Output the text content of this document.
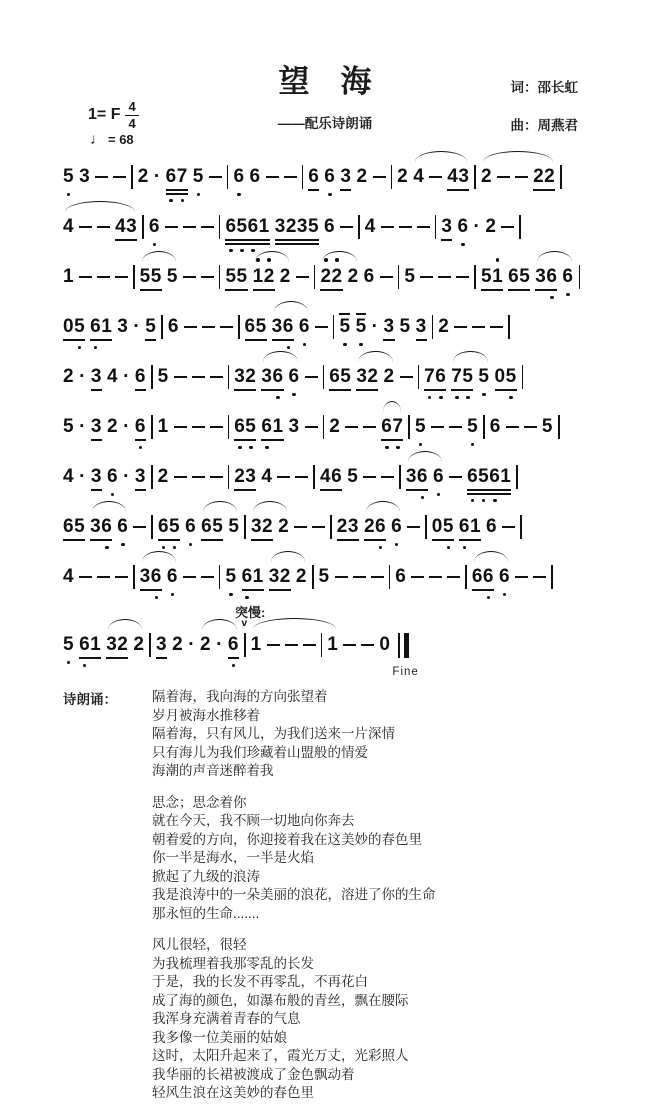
望　海	词：邵长虹
——配乐诗朗诵	曲：周燕君
1= F $\frac{4}{4}$
♩ = 68
5 3	2 · 67 5 6 6	6 6 3 2 2 4 43 2 22
4 43 6	6561 3235 6 4	3 6 · 2
1	55 5	55 12 2 22 2 6 5	51 65 36 6
05 61 3 · 5 6	65 36 6 5 5 · 3 5 3 2
2 · 3 4 · 6 5	32 36 6 65 32 2 76 75 5 05
5 · 3 2 · 6 1	65 61 3 2 67 5 5 6 5
4 · 3 6 · 3 2	23 4	46 5	36 6 6561
65 36 6 65 6 65 5 32 2	23 26 6 05 61 6
4	36 6	5 61 32 2 5	6	66 6
突慢:
5 61 32 2 3 2 · 2 · 6
v
1	1 0
Fine
诗朗诵：	隔着海，我向海的方向张望着
岁月被海水推移着
隔着海，只有风儿，为我们送来一片深情
只有海儿为我们珍藏着山盟般的情爱
海潮的声音迷醉着我
思念；思念着你
就在今天，我不顾一切地向你奔去
朝着爱的方向，你迎接着我在这美妙的春色里
你一半是海水，一半是火焰
掀起了九级的浪涛
我是浪涛中的一朵美丽的浪花，溶进了你的生命
那永恒的生命.......
风儿很轻，很轻
为我梳理着我那零乱的长发
于是，我的长发不再零乱，不再花白
成了海的颜色，如瀑布般的青丝，飘在腰际
我浑身充满着青春的气息
我多像一位美丽的姑娘
这时，太阳升起来了，霞光万丈，光彩照人
我华丽的长裙被渡成了金色飘动着
轻风生浪在这美妙的春色里
